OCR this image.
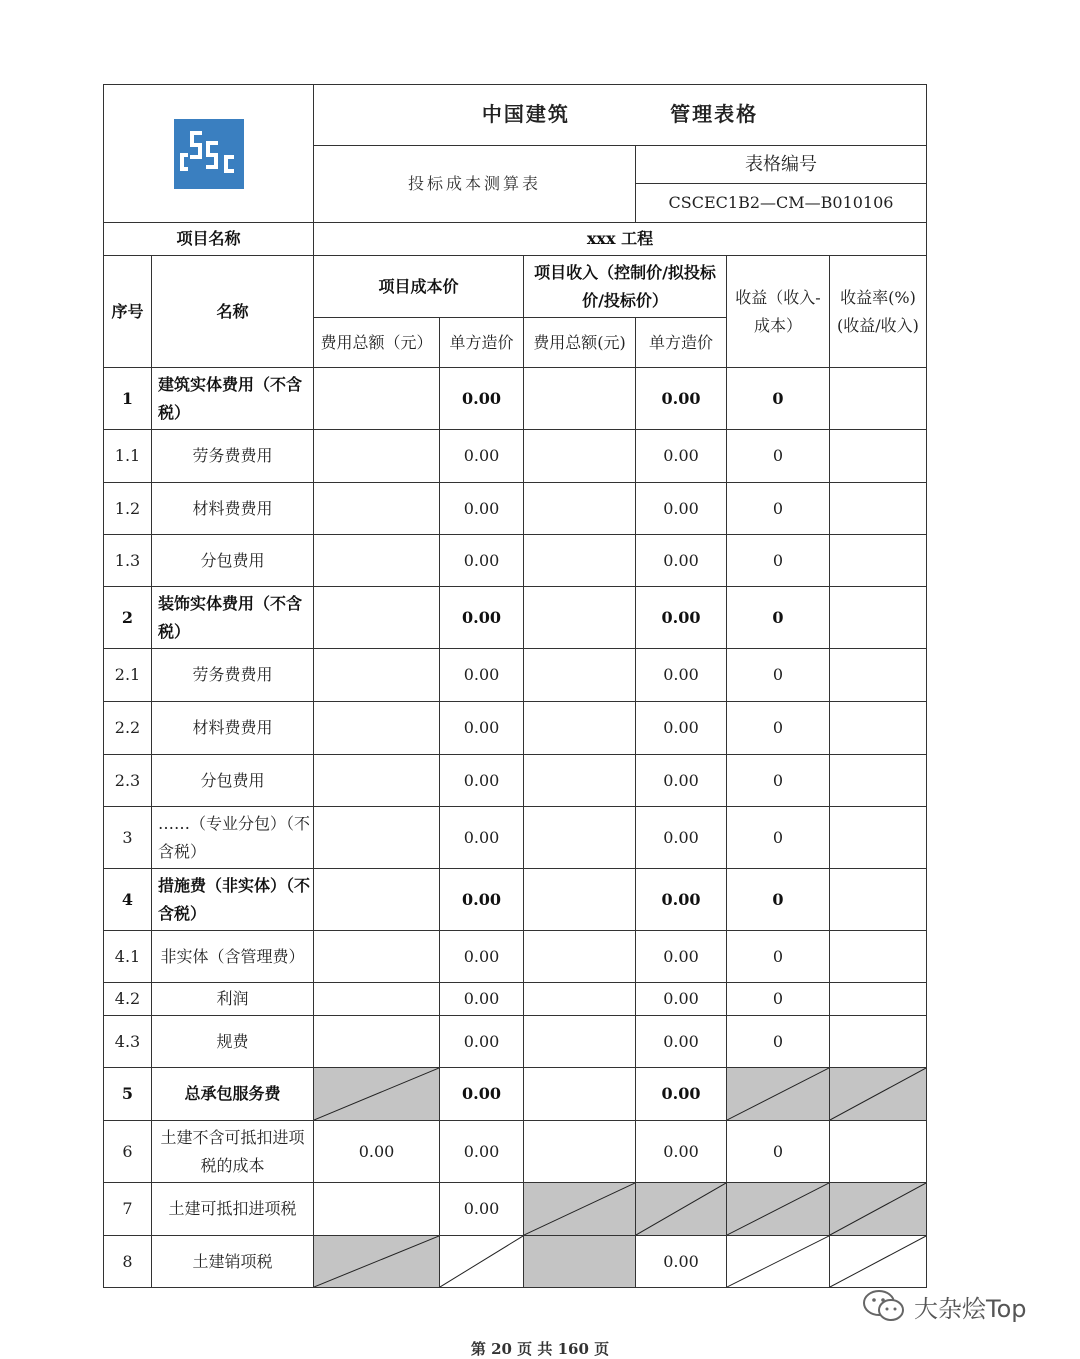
	中国建筑 管理表格					
		投标成本测算表			表格编号		
					CSCEC1B2—CM—B010106		
项目名称		xxx 工程					
序号	名称	项目成本价		项目收入（控制价/拟投标价/投标价）		收益（收入-成本）	收益率(%)(收益/收入)
		费用总额（元）	单方造价	费用总额(元)	单方造价		
1	建筑实体费用（不含税）		0.00		0.00	0	
1.1	劳务费费用		0.00		0.00	0	
1.2	材料费费用		0.00		0.00	0	
1.3	分包费用		0.00		0.00	0	
2	装饰实体费用（不含税）		0.00		0.00	0	
2.1	劳务费费用		0.00		0.00	0	
2.2	材料费费用		0.00		0.00	0	
2.3	分包费用		0.00		0.00	0	
3	……（专业分包）（不含税）		0.00		0.00	0	
4	措施费（非实体）（不含税）		0.00		0.00	0	
4.1	非实体（含管理费）		0.00		0.00	0	
4.2	利润		0.00		0.00	0	
4.3	规费		0.00		0.00	0	
5	总承包服务费		0.00		0.00	

6	土建不含可抵扣进项税的成本	0.00	0.00		0.00	0	
7	土建可抵扣进项税		0.00	

8	土建销项税				0.00	

大杂烩Top
第 20 页 共 160 页
